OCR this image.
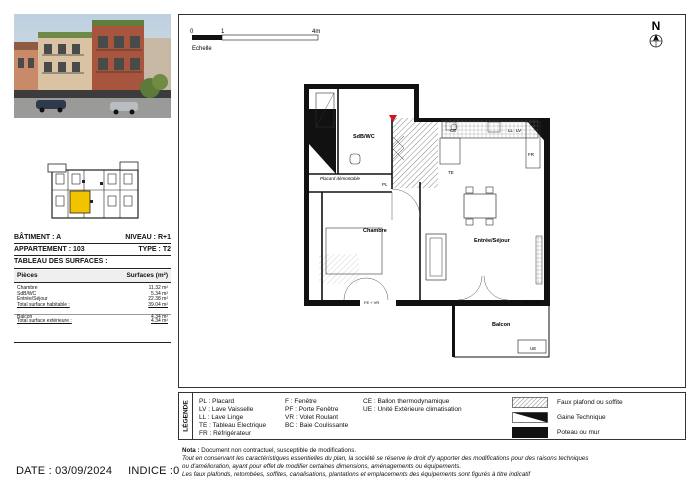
BÂTIMENT : A	NIVEAU : R+1
APPARTEMENT : 103	TYPE : T2
TABLEAU DES SURFACES :
Pièces	Surfaces (m²)
Chambre	11.32 m²
SdB/WC	5.34 m²
Entrée/Séjour	22.38 m²
Total surface habitable :	39.04 m²
Balcon	4.34 m²
Total surface extérieure :	4.34 m²
DATE : 03/09/2024 INDICE :0
0	1	4m
Echelle
N
SdB/WC
CE	LL LV
FR
TE
Chambre
Entrée/Séjour
Balcon
Placard démontable
PL
UE
FE + VR	PF + VR
LÉGENDE PL : Placard
LV : Lave Vaisselle
LL : Lave Linge
TE : Tableau Electrique
FR : Réfrigérateur
F : Fenêtre
PF : Porte Fenêtre
VR : Volet Roulant
BC : Baie Coulissante
CE : Ballon thermodynamique
UE : Unité Extérieure climatisation
Faux plafond ou soffite
Gaine Technique
Poteau ou mur
Nota : Document non contractuel, susceptible de modifications.
Tout en conservant les caractéristiques essentielles du plan, la société se réserve le droit d'y apporter des modifications pour des raisons techniques
ou d'amélioration, ayant pour effet de modifier certaines dimensions, aménagements ou équipements.
Les faux plafonds, retombées, soffites, canalisations, plantations et emplacements des équipements sont figurés à titre indicatif
